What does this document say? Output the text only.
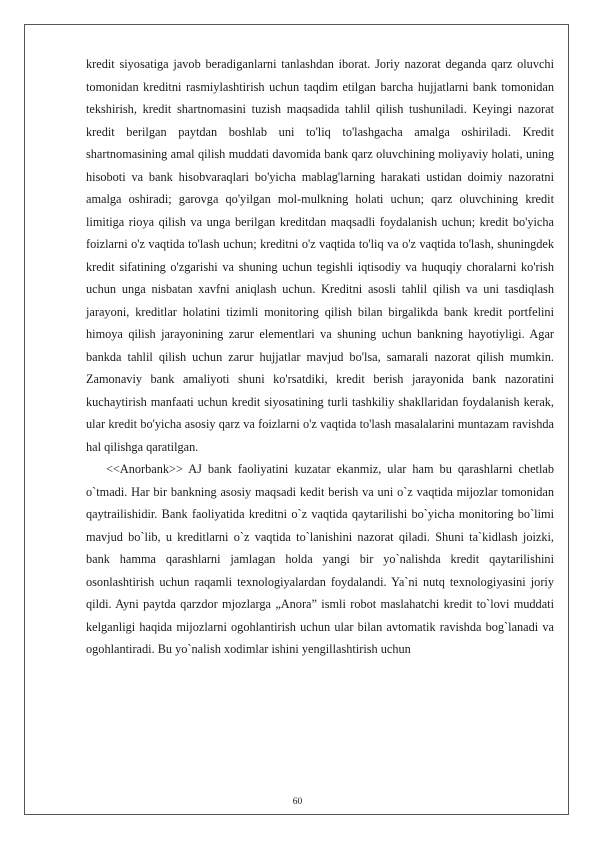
kredit siyosatiga javob beradiganlarni tanlashdan iborat. Joriy nazorat deganda qarz oluvchi tomonidan kreditni rasmiylashtirish uchun taqdim etilgan barcha hujjatlarni bank tomonidan tekshirish, kredit shartnomasini tuzish maqsadida tahlil qilish tushuniladi. Keyingi nazorat kredit berilgan paytdan boshlab uni to'liq to'lashgacha amalga oshiriladi. Kredit shartnomasining amal qilish muddati davomida bank qarz oluvchining moliyaviy holati, uning hisoboti va bank hisobvaraqlari bo'yicha mablag'larning harakati ustidan doimiy nazoratni amalga oshiradi; garovga qo'yilgan mol-mulkning holati uchun; qarz oluvchining kredit limitiga rioya qilish va unga berilgan kreditdan maqsadli foydalanish uchun; kredit bo'yicha foizlarni o'z vaqtida to'lash uchun; kreditni o'z vaqtida to'liq va o'z vaqtida to'lash, shuningdek kredit sifatining o'zgarishi va shuning uchun tegishli iqtisodiy va huquqiy choralarni ko'rish uchun unga nisbatan xavfni aniqlash uchun. Kreditni asosli tahlil qilish va uni tasdiqlash jarayoni, kreditlar holatini tizimli monitoring qilish bilan birgalikda bank kredit portfelini himoya qilish jarayonining zarur elementlari va shuning uchun bankning hayotiyligi. Agar bankda tahlil qilish uchun zarur hujjatlar mavjud bo'lsa, samarali nazorat qilish mumkin. Zamonaviy bank amaliyoti shuni ko'rsatdiki, kredit berish jarayonida bank nazoratini kuchaytirish manfaati uchun kredit siyosatining turli tashkiliy shakllaridan foydalanish kerak, ular kredit bo'yicha asosiy qarz va foizlarni o'z vaqtida to'lash masalalarini muntazam ravishda hal qilishga qaratilgan.

<<Anorbank>> AJ bank faoliyatini kuzatar ekanmiz, ular ham bu qarashlarni chetlab o`tmadi. Har bir bankning asosiy maqsadi kedit berish va uni o`z vaqtida mijozlar tomonidan qaytrailishidir. Bank faoliyatida kreditni o`z vaqtida qaytarilishi bo`yicha monitoring bo`limi mavjud bo`lib, u kreditlarni o`z vaqtida to`lanishini nazorat qiladi. Shuni ta`kidlash joizki, bank hamma qarashlarni jamlagan holda yangi bir yo`nalishda kredit qaytarilishini osonlashtirish uchun raqamli texnologiyalardan foydalandi. Ya`ni nutq texnologiyasini joriy qildi. Ayni paytda qarzdor mjozlarga „Anora” ismli robot maslahatchi kredit to`lovi muddati kelganligi haqida mijozlarni ogohlantirish uchun ular bilan avtomatik ravishda bog`lanadi va ogohlantiradi. Bu yo`nalish xodimlar ishini yengillashtirish uchun

60
